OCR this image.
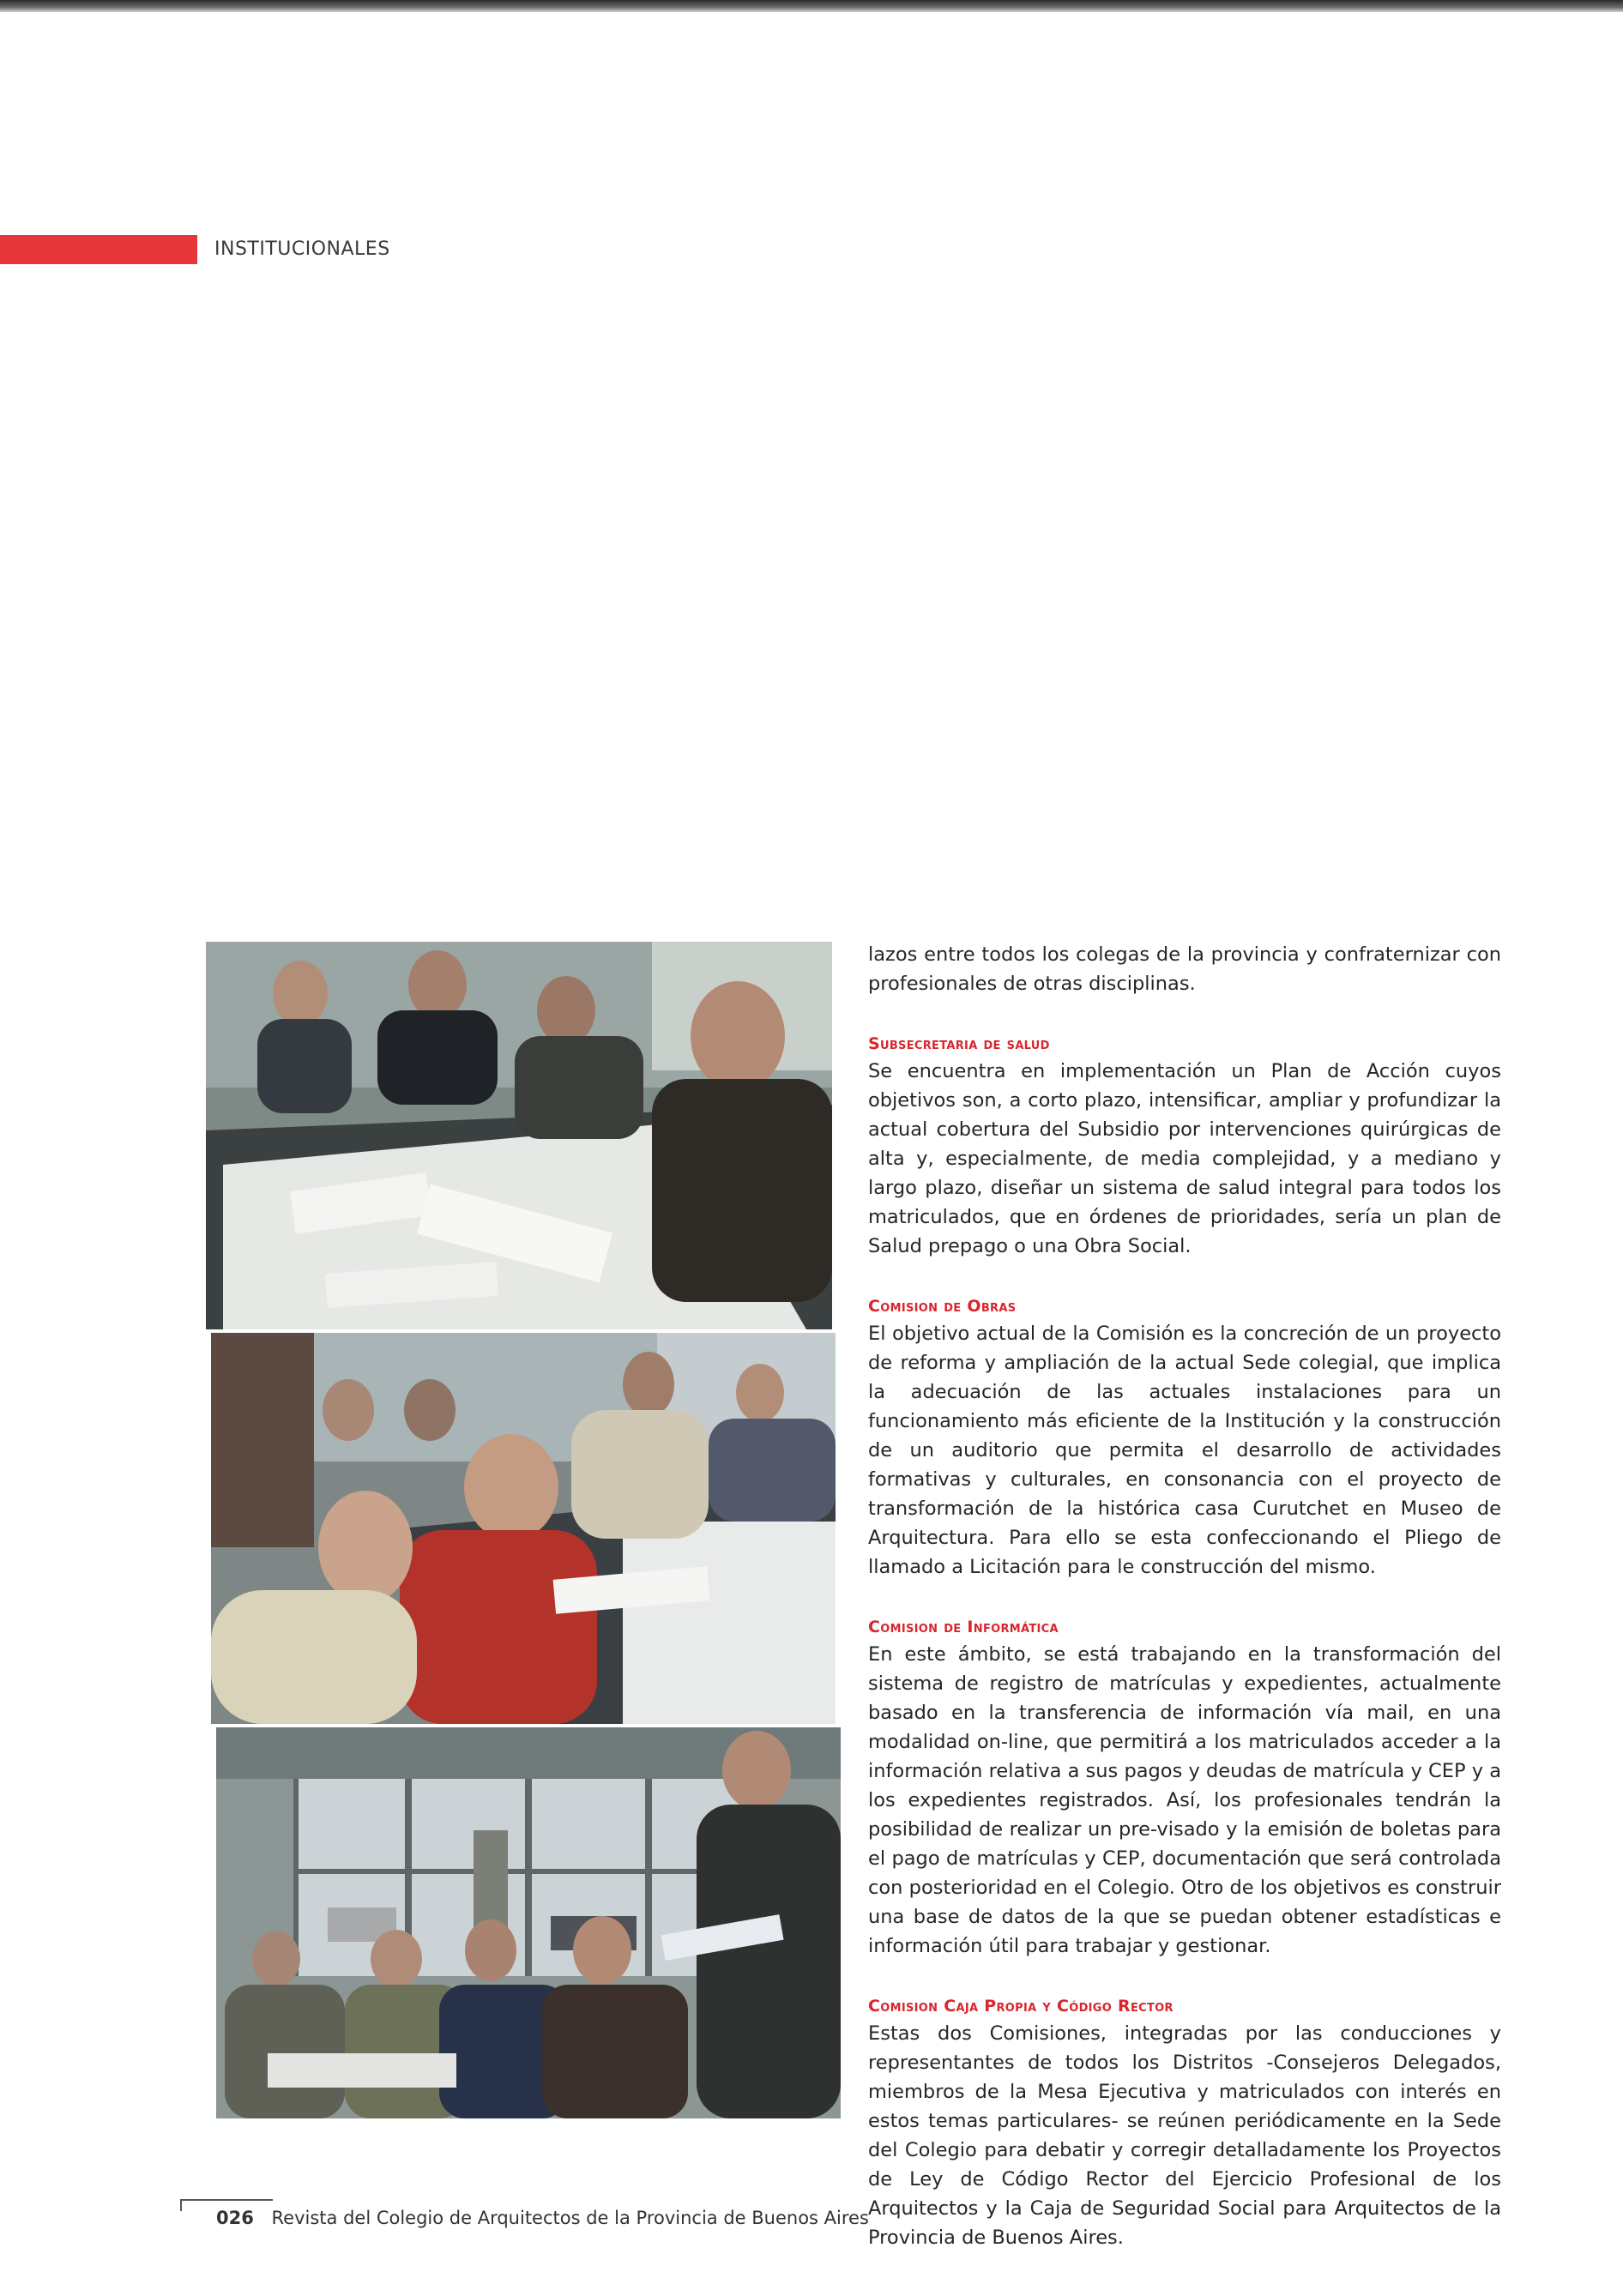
INSTITUCIONALES

lazos entre todos los colegas de la provincia y confraternizar con profesionales de otras disciplinas.

Subsecretaria de salud

Se encuentra en implementación un Plan de Acción cuyos objetivos son, a corto plazo, intensificar, ampliar y profundizar la actual cobertura del Subsidio por intervenciones quirúrgicas de alta y, especialmente, de media complejidad, y a mediano y largo plazo, diseñar un sistema de salud integral para todos los matriculados, que en órdenes de prioridades, sería un plan de Salud prepago o una Obra Social.

Comision de Obras

El objetivo actual de la Comisión es la concreción de un proyecto de reforma y ampliación de la actual Sede colegial, que implica la adecuación de las actuales instalaciones para un funcionamiento más eficiente de la Institución y la construcción de un auditorio que permita el desarrollo de actividades formativas y culturales, en consonancia con el proyecto de transformación de la histórica casa Curutchet en Museo de Arquitectura. Para ello se esta confeccionando el Pliego de llamado a Licitación para le construcción del mismo.

Comision de Informática

En este ámbito, se está trabajando en la transformación del sistema de registro de matrículas y expedientes, actualmente basado en la transferencia de información vía mail, en una modalidad on-line, que permitirá a los matriculados acceder a la información relativa a sus pagos y deudas de matrícula y CEP y a los expedientes registrados. Así, los profesionales tendrán la posibilidad de realizar un pre-visado y la emisión de boletas para el pago de matrículas y CEP, documentación que será controlada con posterioridad en el Colegio. Otro de los objetivos es construir una base de datos de la que se puedan obtener estadísticas e información útil para trabajar y gestionar.

Comision Caja Propia y Código Rector

Estas dos Comisiones, integradas por las conducciones y representantes de todos los Distritos -Consejeros Delegados, miembros de la Mesa Ejecutiva y matriculados con interés en estos temas particulares- se reúnen periódicamente en la Sede del Colegio para debatir y corregir detalladamente los Proyectos de Ley de Código Rector del Ejercicio Profesional de los Arquitectos y la Caja de Seguridad Social para Arquitectos de la Provincia de Buenos Aires.

026 Revista del Colegio de Arquitectos de la Provincia de Buenos Aires
